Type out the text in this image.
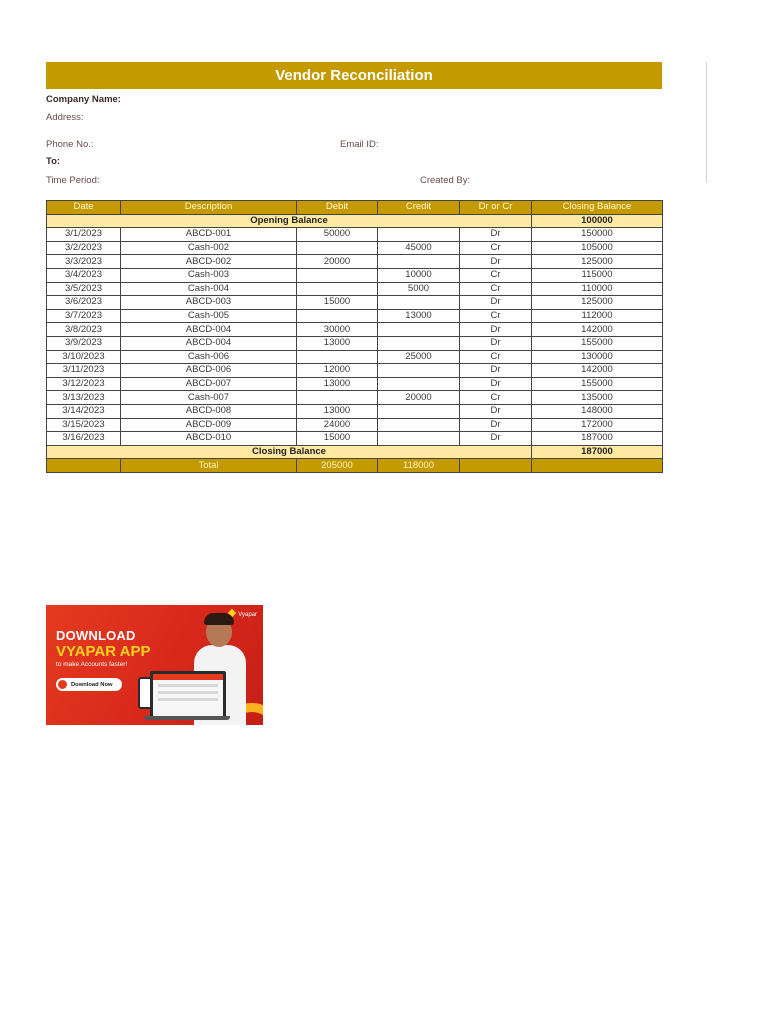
Vendor Reconciliation
Company Name:
Address:
Phone No.:	Email ID:
To:
Time Period:	Created By:
Date	Description	Debit	Credit	Dr or Cr	Closing Balance
Opening Balance					100000
3/1/2023	ABCD-001	50000		Dr	150000
3/2/2023	Cash-002		45000	Cr	105000
3/3/2023	ABCD-002	20000		Dr	125000
3/4/2023	Cash-003		10000	Cr	115000
3/5/2023	Cash-004		5000	Cr	110000
3/6/2023	ABCD-003	15000		Dr	125000
3/7/2023	Cash-005		13000	Cr	112000
3/8/2023	ABCD-004	30000		Dr	142000
3/9/2023	ABCD-004	13000		Dr	155000
3/10/2023	Cash-006		25000	Cr	130000
3/11/2023	ABCD-006	12000		Dr	142000
3/12/2023	ABCD-007	13000		Dr	155000
3/13/2023	Cash-007		20000	Cr	135000
3/14/2023	ABCD-008	13000		Dr	148000
3/15/2023	ABCD-009	24000		Dr	172000
3/16/2023	ABCD-010	15000		Dr	187000
Closing Balance					187000
	Total	205000	118000		
Vyapar
DOWNLOAD
VYAPAR APP
to make Accounts faster!
Download Now
